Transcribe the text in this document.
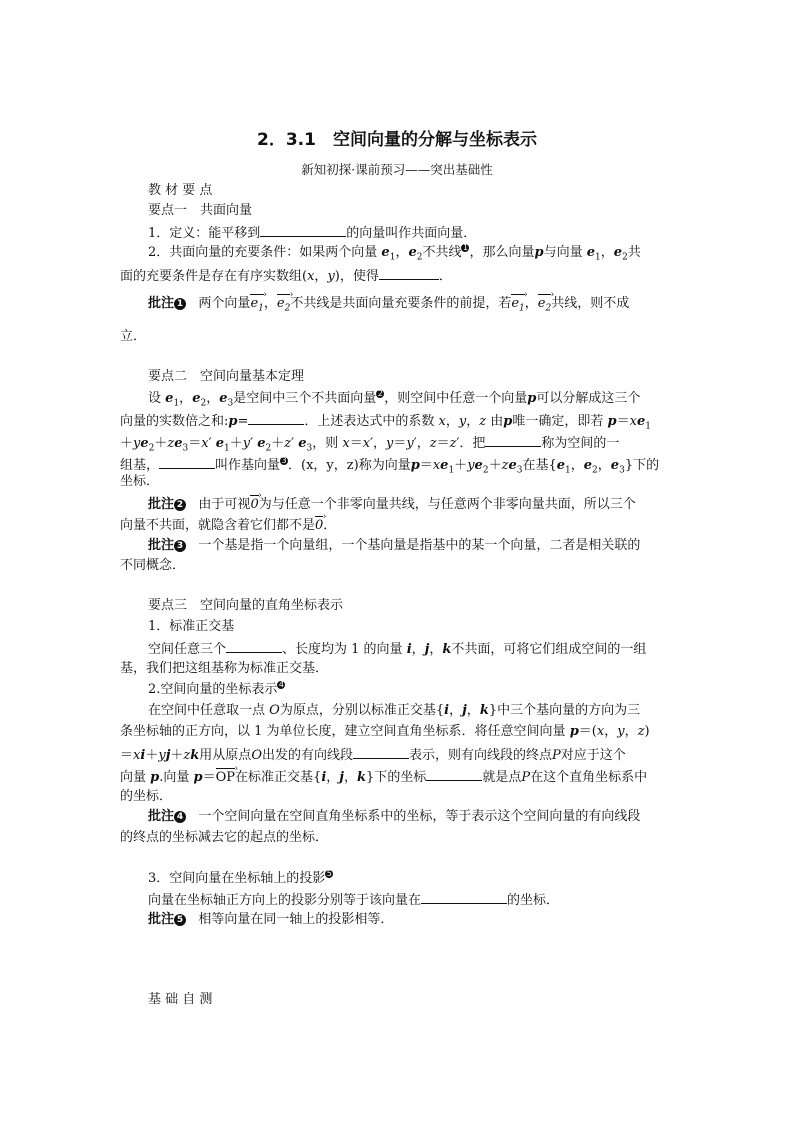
2．3.1　空间向量的分解与坐标表示
新知初探·课前预习——突出基础性
教 材 要 点
要点一　共面向量
1．定义：能平移到	的向量叫作共面向量．
2．共面向量的充要条件：如果两个向量 $e_1$，$e_2$不共线$^1$，那么向量p与向量 $e_1$，$e_2$共
面的充要条件是存在有序实数组(x，y)，使得	．
批注 1 两个向量$e_1$ ›，$e_2$ ›不共线是共面向量充要条件的前提，若$e_1$ ›，$e_2$ ›共线，则不成
立．
要点二　空间向量基本定理
设 $e_1$，$e_2$，$e_3$是空间中三个不共面向量$^2$，则空间中任意一个向量p可以分解成这三个
向量的实数倍之和:p=	．上述表达式中的系数 x，y，z 由p唯一确定，即若 $p=xe_1$
$+ye_2+ze_3=x'$ $e_1+y'$ $e_2+z'$ $e_3$，则 x＝x′，y＝y′，z＝z′．把	称为空间的一
组基，	叫作基向量$^3$．(x，y，z)称为向量$p=xe_1+ye_2+ze_3$在基{$e_1$，$e_2$，$e_3$}下的
坐标．
批注 2 由于可视0 ›为与任意一个非零向量共线，与任意两个非零向量共面，所以三个
向量不共面，就隐含着它们都不是0 ›．
批注 3 一个基是指一个向量组，一个基向量是指基中的某一个向量，二者是相关联的
不同概念．
要点三　空间向量的直角坐标表示
1．标准正交基
空间任意三个	、长度均为 1 的向量 i，j，k不共面，可将它们组成空间的一组
基，我们把这组基称为标准正交基．
2.空间向量的坐标表示$^4$
在空间中任意取一点 O为原点，分别以标准正交基{i，j，k}中三个基向量的方向为三
条坐标轴的正方向，以 1 为单位长度，建立空间直角坐标系．将任意空间向量 p＝(x，y，z)
＝xi＋yj＋zk用从原点O出发的有向线段	表示，则有向线段的终点P对应于这个
向量 p.向量 p＝OP ›在标准正交基{i，j，k}下的坐标	就是点P在这个直角坐标系中
的坐标．
批注 4 一个空间向量在空间直角坐标系中的坐标，等于表示这个空间向量的有向线段
的终点的坐标减去它的起点的坐标．
3．空间向量在坐标轴上的投影$^5$
向量在坐标轴正方向上的投影分别等于该向量在	的坐标．
批注 5 相等向量在同一轴上的投影相等．
基 础 自 测
